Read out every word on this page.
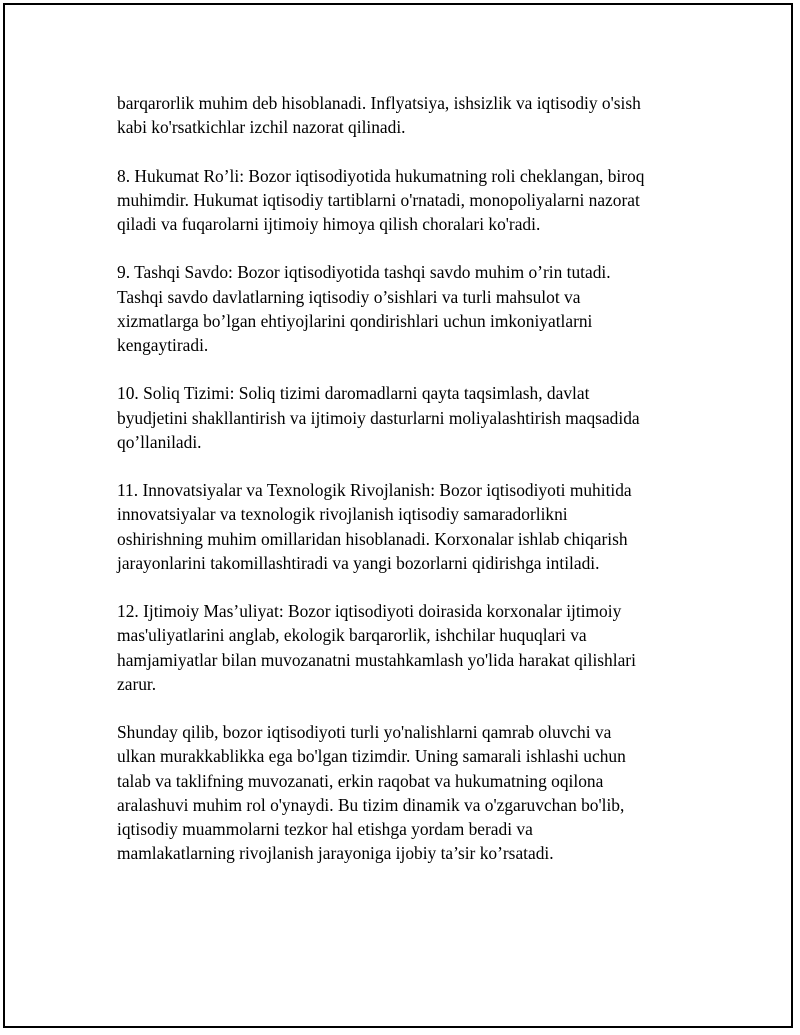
barqarorlik muhim deb hisoblanadi. Inflyatsiya, ishsizlik va iqtisodiy o'sish
kabi ko'rsatkichlar izchil nazorat qilinadi.

8. Hukumat Ro’li: Bozor iqtisodiyotida hukumatning roli cheklangan, biroq
muhimdir. Hukumat iqtisodiy tartiblarni o'rnatadi, monopoliyalarni nazorat
qiladi va fuqarolarni ijtimoiy himoya qilish choralari ko'radi.

9. Tashqi Savdo: Bozor iqtisodiyotida tashqi savdo muhim o’rin tutadi.
Tashqi savdo davlatlarning iqtisodiy o’sishlari va turli mahsulot va
xizmatlarga bo’lgan ehtiyojlarini qondirishlari uchun imkoniyatlarni
kengaytiradi.

10. Soliq Tizimi: Soliq tizimi daromadlarni qayta taqsimlash, davlat
byudjetini shakllantirish va ijtimoiy dasturlarni moliyalashtirish maqsadida
qo’llaniladi.

11. Innovatsiyalar va Texnologik Rivojlanish: Bozor iqtisodiyoti muhitida
innovatsiyalar va texnologik rivojlanish iqtisodiy samaradorlikni
oshirishning muhim omillaridan hisoblanadi. Korxonalar ishlab chiqarish
jarayonlarini takomillashtiradi va yangi bozorlarni qidirishga intiladi.

12. Ijtimoiy Mas’uliyat: Bozor iqtisodiyoti doirasida korxonalar ijtimoiy
mas'uliyatlarini anglab, ekologik barqarorlik, ishchilar huquqlari va
hamjamiyatlar bilan muvozanatni mustahkamlash yo'lida harakat qilishlari
zarur.

Shunday qilib, bozor iqtisodiyoti turli yo'nalishlarni qamrab oluvchi va
ulkan murakkablikka ega bo'lgan tizimdir. Uning samarali ishlashi uchun
talab va taklifning muvozanati, erkin raqobat va hukumatning oqilona
aralashuvi muhim rol o'ynaydi. Bu tizim dinamik va o'zgaruvchan bo'lib,
iqtisodiy muammolarni tezkor hal etishga yordam beradi va
mamlakatlarning rivojlanish jarayoniga ijobiy ta’sir ko’rsatadi.
